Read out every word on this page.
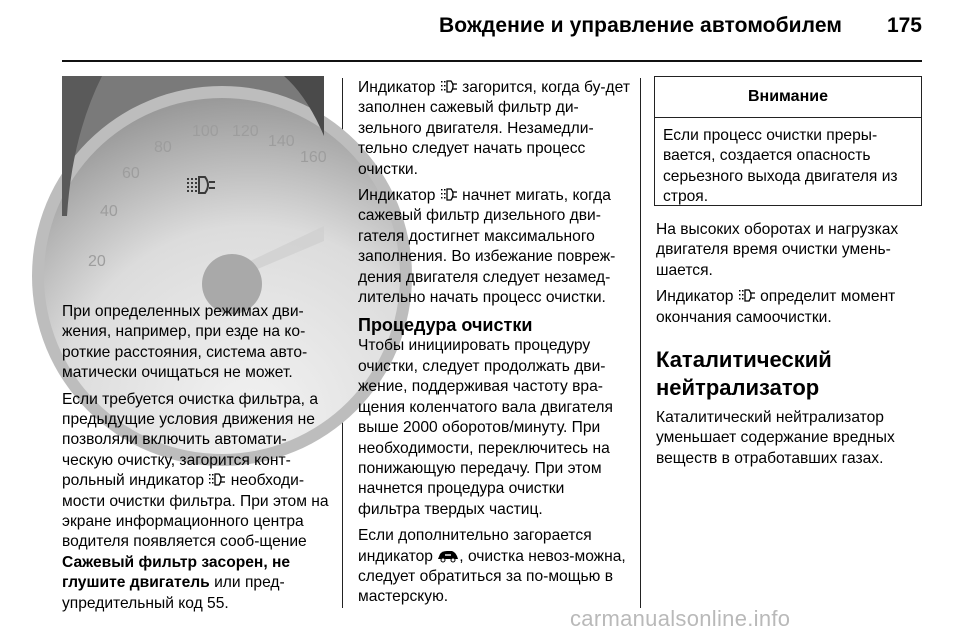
Вождение и управление автомобилем 175
20
40
60
80
100 120
140
160

При определенных режимах дви-жения, например, при езде на ко-роткие расстояния, система авто-матически очищаться не может.

Если требуется очистка фильтра, а предыдущие условия движения не позволяли включить автомати-ческую очистку, загорится конт-рольный индикатор необходи-мости очистки фильтра. При этом на экране информационного центра водителя появляется сооб-щение Сажевый фильтр засорен, не глушите двигатель или пред-упредительный код 55.

Индикатор загорится, когда бу-дет заполнен сажевый фильтр ди-зельного двигателя. Незамедли-тельно следует начать процесс очистки.

Индикатор начнет мигать, когда сажевый фильтр дизельного дви-гателя достигнет максимального заполнения. Во избежание повреж-дения двигателя следует незамед-лительно начать процесс очистки.

Процедура очистки

Чтобы инициировать процедуру очистки, следует продолжать дви-жение, поддерживая частоту вра-щения коленчатого вала двигателя выше 2000 оборотов/минуту. При необходимости, переключитесь на понижающую передачу. При этом начнется процедура очистки фильтра твердых частиц.

Если дополнительно загорается индикатор , очистка невоз-можна, следует обратиться за по-мощью в мастерскую.

Внимание
Если процесс очистки преры-вается, создается опасность серьезного выхода двигателя из строя.

На высоких оборотах и нагрузках двигателя время очистки умень-шается.

Индикатор определит момент окончания самоочистки.

Каталитический нейтрализатор

Каталитический нейтрализатор уменьшает содержание вредных веществ в отработавших газах.

carmanualsonline.info
